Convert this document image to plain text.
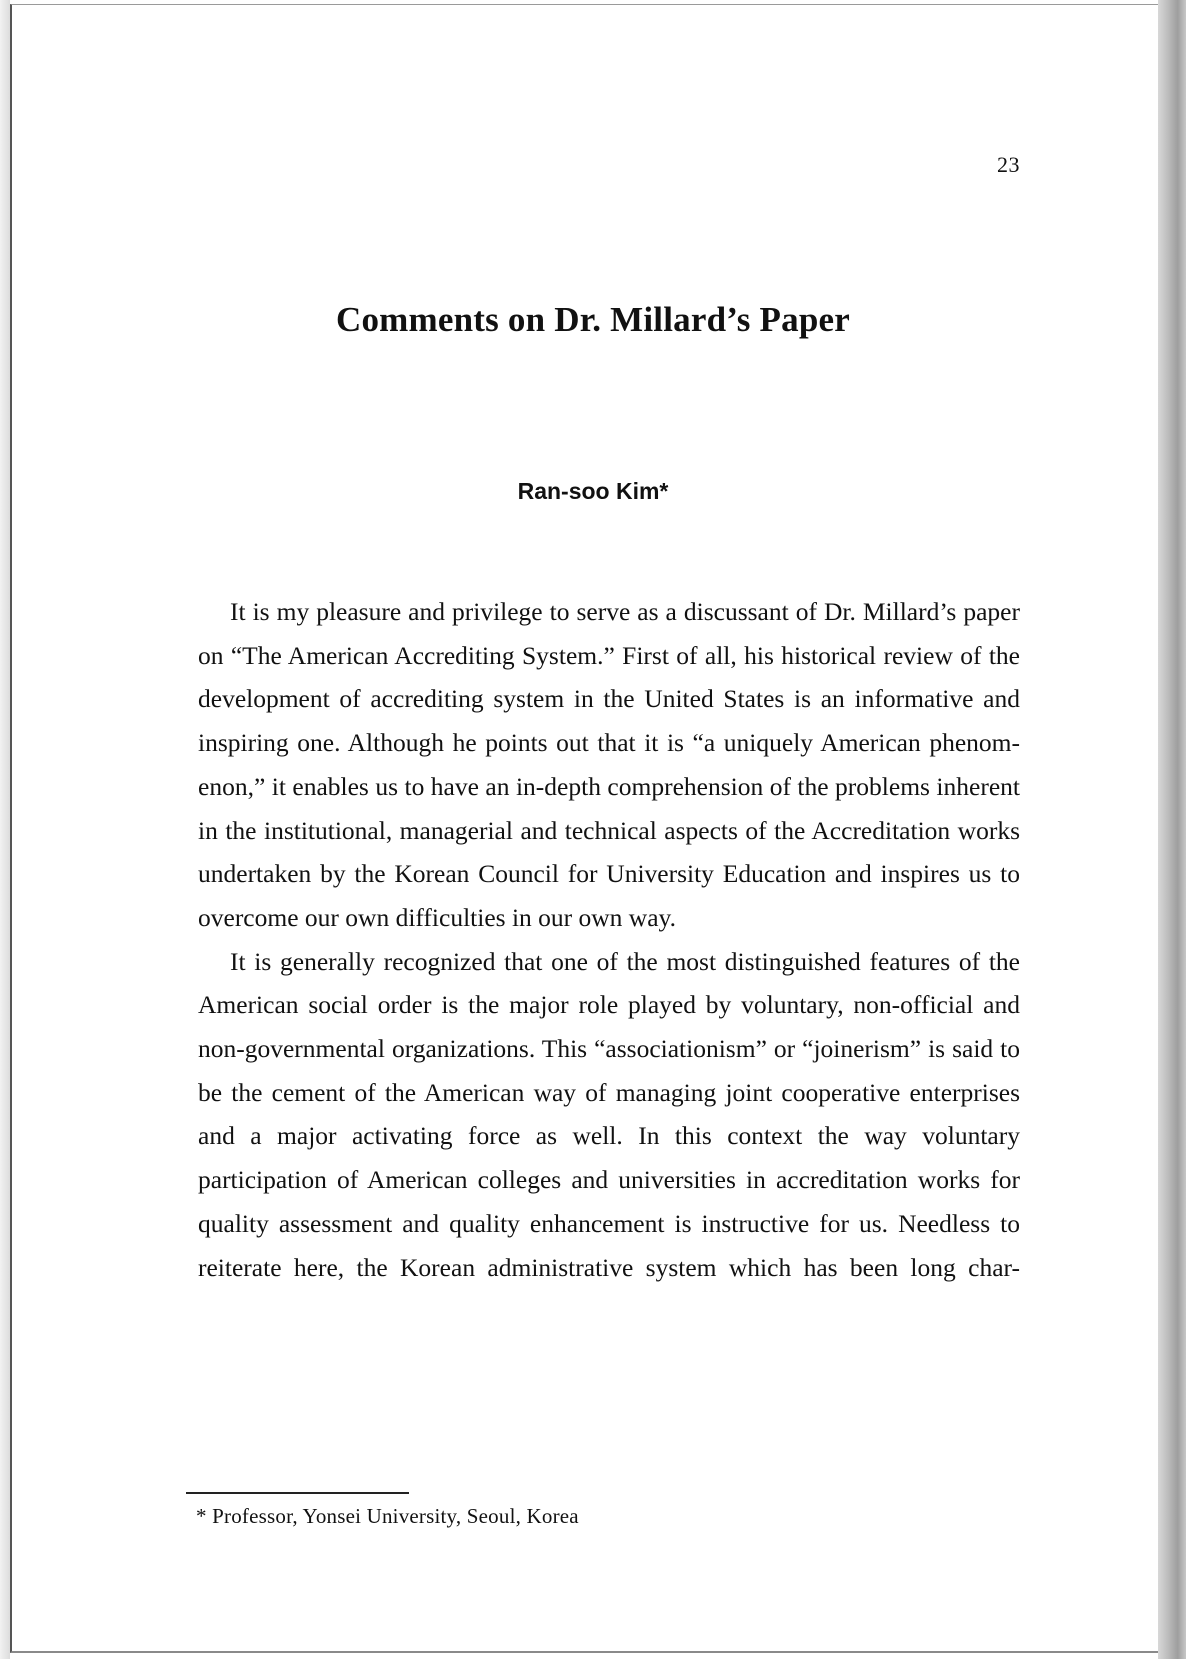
23
Comments on Dr. Millard’s Paper
Ran-soo Kim*

It is my pleasure and privilege to serve as a discussant of Dr. Millard’s paper on “The American Accrediting System.” First of all, his historical review of the development of accrediting system in the United States is an informative and inspiring one. Although he points out that it is “a uniquely American phenomenon,” it enables us to have an in-depth comprehension of the problems inherent in the institutional, managerial and technical aspects of the Accreditation works undertaken by the Korean Council for University Education and inspires us to overcome our own difficulties in our own way.

It is generally recognized that one of the most distinguished features of the American social order is the major role played by voluntary, non-official and non-governmental organizations. This “associationism” or “joinerism” is said to be the cement of the American way of managing joint cooperative enterprises and a major activating force as well. In this context the way voluntary participation of American colleges and universities in accreditation works for quality assessment and quality enhancement is instructive for us. Needless to reiterate here, the Korean administrative system which has been long char-

* Professor, Yonsei University, Seoul, Korea
